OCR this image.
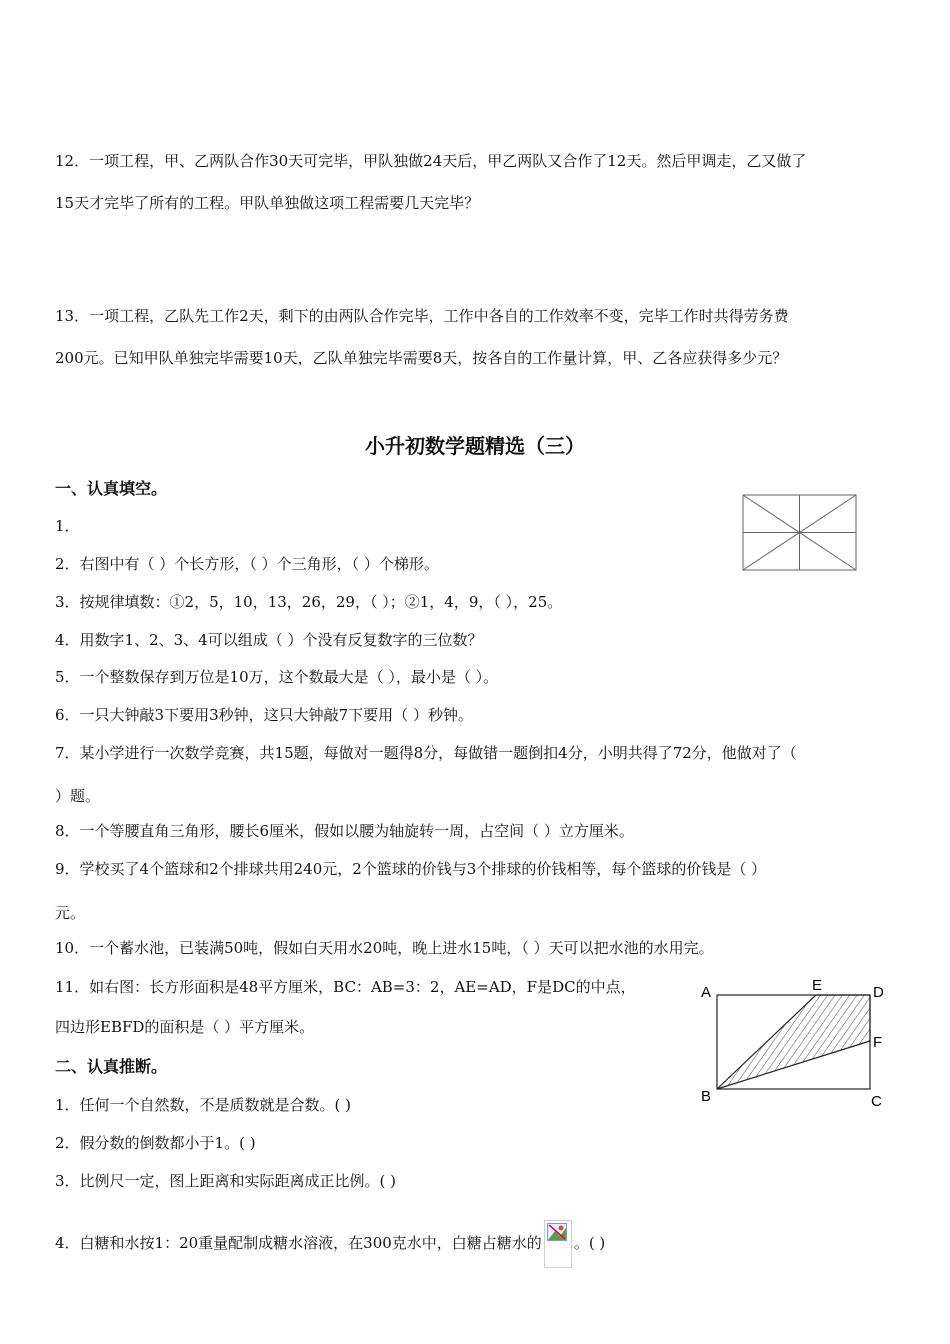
12．一项工程，甲、乙两队合作30天可完毕，甲队独做24天后，甲乙两队又合作了12天。然后甲调走，乙又做了
15天才完毕了所有的工程。甲队单独做这项工程需要几天完毕？
13．一项工程，乙队先工作2天，剩下的由两队合作完毕，工作中各自的工作效率不变，完毕工作时共得劳务费
200元。已知甲队单独完毕需要10天，乙队单独完毕需要8天，按各自的工作量计算，甲、乙各应获得多少元？
小升初数学题精选（三）
一、认真填空。
1．
2．右图中有（ ）个长方形，（ ）个三角形，（ ）个梯形。
3．按规律填数：①2，5，10，13，26，29，（ ）；②1，4，9，（ ），25。
4．用数字1、2、3、4可以组成（ ）个没有反复数字的三位数？
5．一个整数保存到万位是10万，这个数最大是（ ），最小是（ ）。
6．一只大钟敲3下要用3秒钟，这只大钟敲7下要用（ ）秒钟。
7．某小学进行一次数学竞赛，共15题，每做对一题得8分，每做错一题倒扣4分，小明共得了72分，他做对了（
）题。
8．一个等腰直角三角形，腰长6厘米，假如以腰为轴旋转一周，占空间（ ）立方厘米。
9．学校买了4个篮球和2个排球共用240元，2个篮球的价钱与3个排球的价钱相等，每个篮球的价钱是（ ）
元。
10．一个蓄水池，已装满50吨，假如白天用水20吨，晚上进水15吨，（ ）天可以把水池的水用完。
11．如右图：长方形面积是48平方厘米，BC：AB=3：2，AE=AD，F是DC的中点，
四边形EBFD的面积是（ ）平方厘米。
二、认真推断。
1．任何一个自然数，不是质数就是合数。( )
2．假分数的倒数都小于1。( )
3．比例尺一定，图上距离和实际距离成正比例。( )
4．白糖和水按1：20重量配制成糖水溶液，在300克水中，白糖占糖水的 。( )
A	E	D
F
B	C
